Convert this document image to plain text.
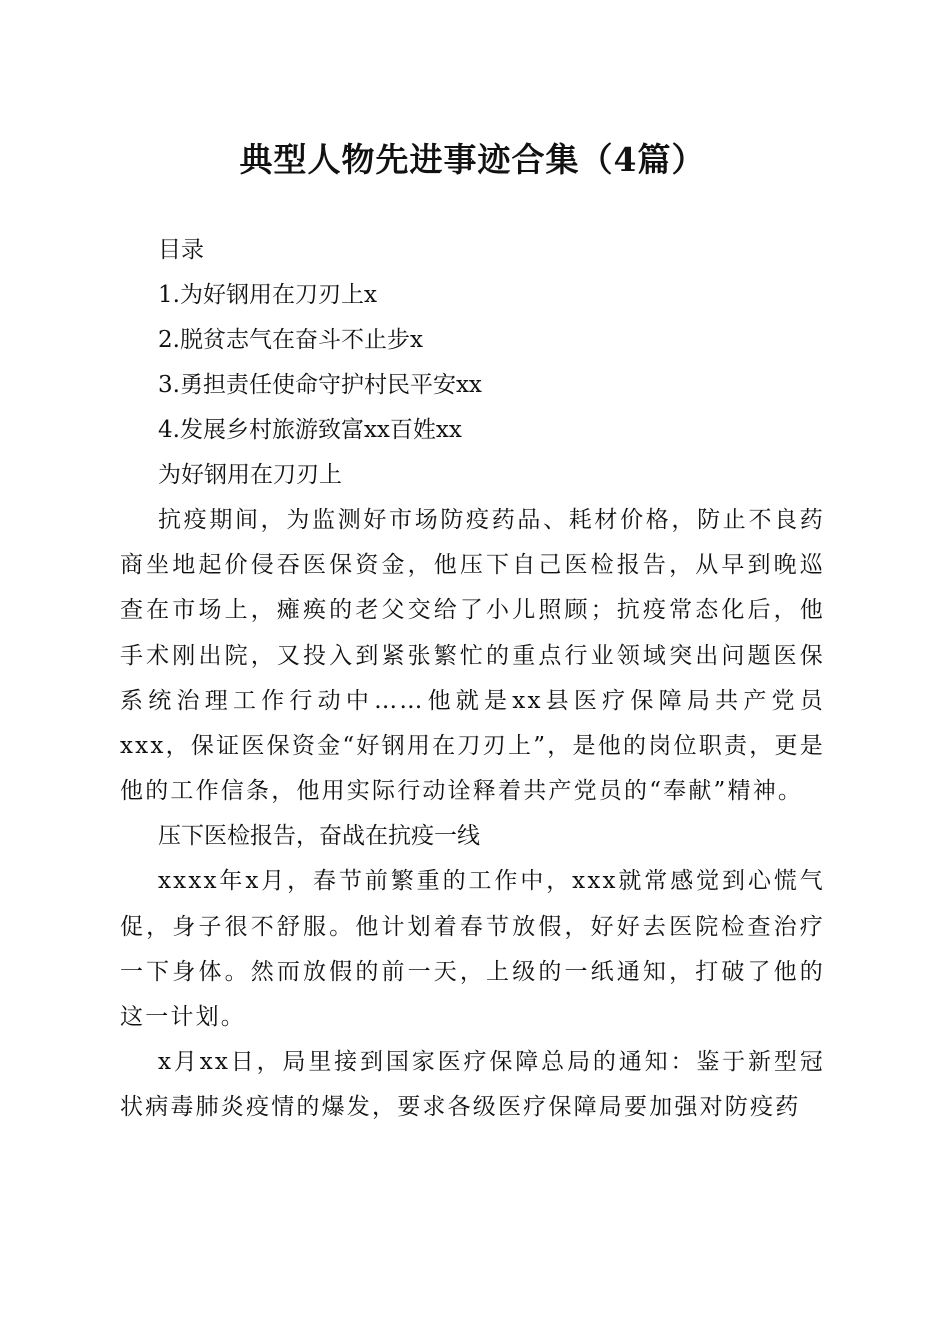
典型人物先进事迹合集（4篇）

目录

1.为好钢用在刀刃上x

2.脱贫志气在奋斗不止步x

3.勇担责任使命守护村民平安xx

4.发展乡村旅游致富xx百姓xx

为好钢用在刀刃上

抗疫期间，为监测好市场防疫药品、耗材价格，防止不良药商坐地起价侵吞医保资金，他压下自己医检报告，从早到晚巡查在市场上，瘫痪的老父交给了小儿照顾；抗疫常态化后，他手术刚出院，又投入到紧张繁忙的重点行业领域突出问题医保系统治理工作行动中……他就是xx县医疗保障局共产党员xxx，保证医保资金“好钢用在刀刃上”，是他的岗位职责，更是他的工作信条，他用实际行动诠释着共产党员的“奉献”精神。

压下医检报告，奋战在抗疫一线

xxxx年x月，春节前繁重的工作中，xxx就常感觉到心慌气促，身子很不舒服。他计划着春节放假，好好去医院检查治疗一下身体。然而放假的前一天，上级的一纸通知，打破了他的这一计划。

x月xx日，局里接到国家医疗保障总局的通知：鉴于新型冠状病毒肺炎疫情的爆发，要求各级医疗保障局要加强对防疫药
